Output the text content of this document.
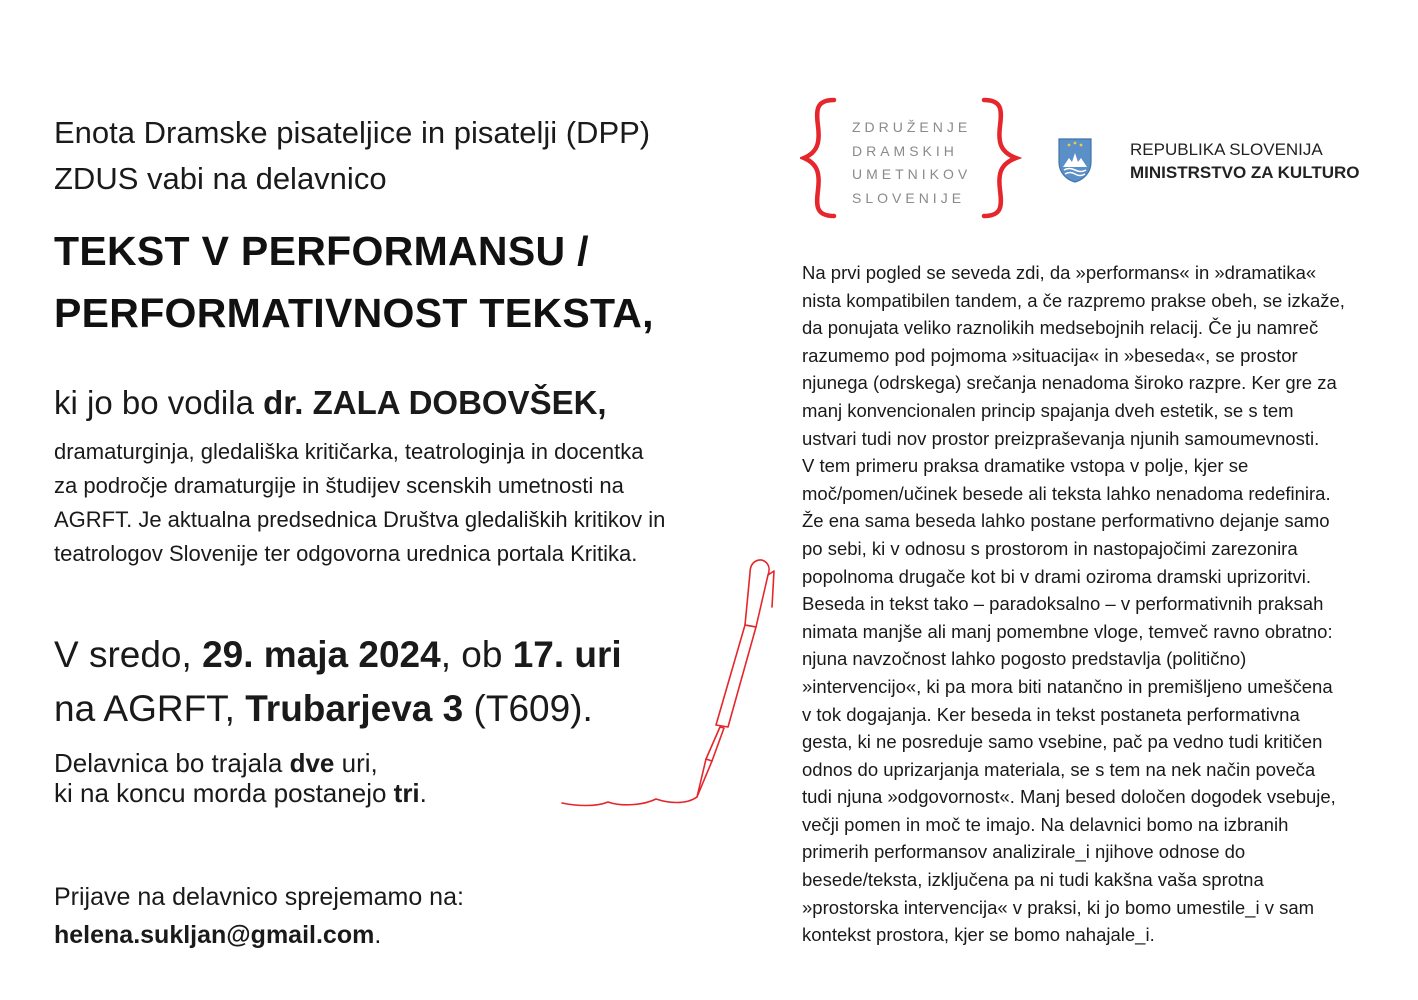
Enota Dramske pisateljice in pisatelji (DPP)
ZDUS vabi na delavnico
TEKST V PERFORMANSU /
PERFORMATIVNOST TEKSTA,
ki jo bo vodila dr. ZALA DOBOVŠEK,
dramaturginja, gledališka kritičarka, teatrologinja in docentka
za področje dramaturgije in študijev scenskih umetnosti na
AGRFT. Je aktualna predsednica Društva gledaliških kritikov in
teatrologov Slovenije ter odgovorna urednica portala Kritika.
V sredo, 29. maja 2024, ob 17. uri
na AGRFT, Trubarjeva 3 (T609).
Delavnica bo trajala dve uri,
ki na koncu morda postanejo tri.
Prijave na delavnico sprejemamo na:
helena.sukljan@gmail.com.
ZDRUŽENJE
DRAMSKIH
UMETNIKOV
SLOVENIJE
REPUBLIKA SLOVENIJA
MINISTRSTVO ZA KULTURO
Na prvi pogled se seveda zdi, da »performans« in »dramatika«
nista kompatibilen tandem, a če razpremo prakse obeh, se izkaže,
da ponujata veliko raznolikih medsebojnih relacij. Če ju namreč
razumemo pod pojmoma »situacija« in »beseda«, se prostor
njunega (odrskega) srečanja nenadoma široko razpre. Ker gre za
manj konvencionalen princip spajanja dveh estetik, se s tem
ustvari tudi nov prostor preizpraševanja njunih samoumevnosti.
V tem primeru praksa dramatike vstopa v polje, kjer se
moč/pomen/učinek besede ali teksta lahko nenadoma redefinira.
Že ena sama beseda lahko postane performativno dejanje samo
po sebi, ki v odnosu s prostorom in nastopajočimi zarezonira
popolnoma drugače kot bi v drami oziroma dramski uprizoritvi.
Beseda in tekst tako – paradoksalno – v performativnih praksah
nimata manjše ali manj pomembne vloge, temveč ravno obratno:
njuna navzočnost lahko pogosto predstavlja (politično)
»intervencijo«, ki pa mora biti natančno in premišljeno umeščena
v tok dogajanja. Ker beseda in tekst postaneta performativna
gesta, ki ne posreduje samo vsebine, pač pa vedno tudi kritičen
odnos do uprizarjanja materiala, se s tem na nek način poveča
tudi njuna »odgovornost«. Manj besed določen dogodek vsebuje,
večji pomen in moč te imajo. Na delavnici bomo na izbranih
primerih performansov analizirale_i njihove odnose do
besede/teksta, izključena pa ni tudi kakšna vaša sprotna
»prostorska intervencija« v praksi, ki jo bomo umestile_i v sam
kontekst prostora, kjer se bomo nahajale_i.
